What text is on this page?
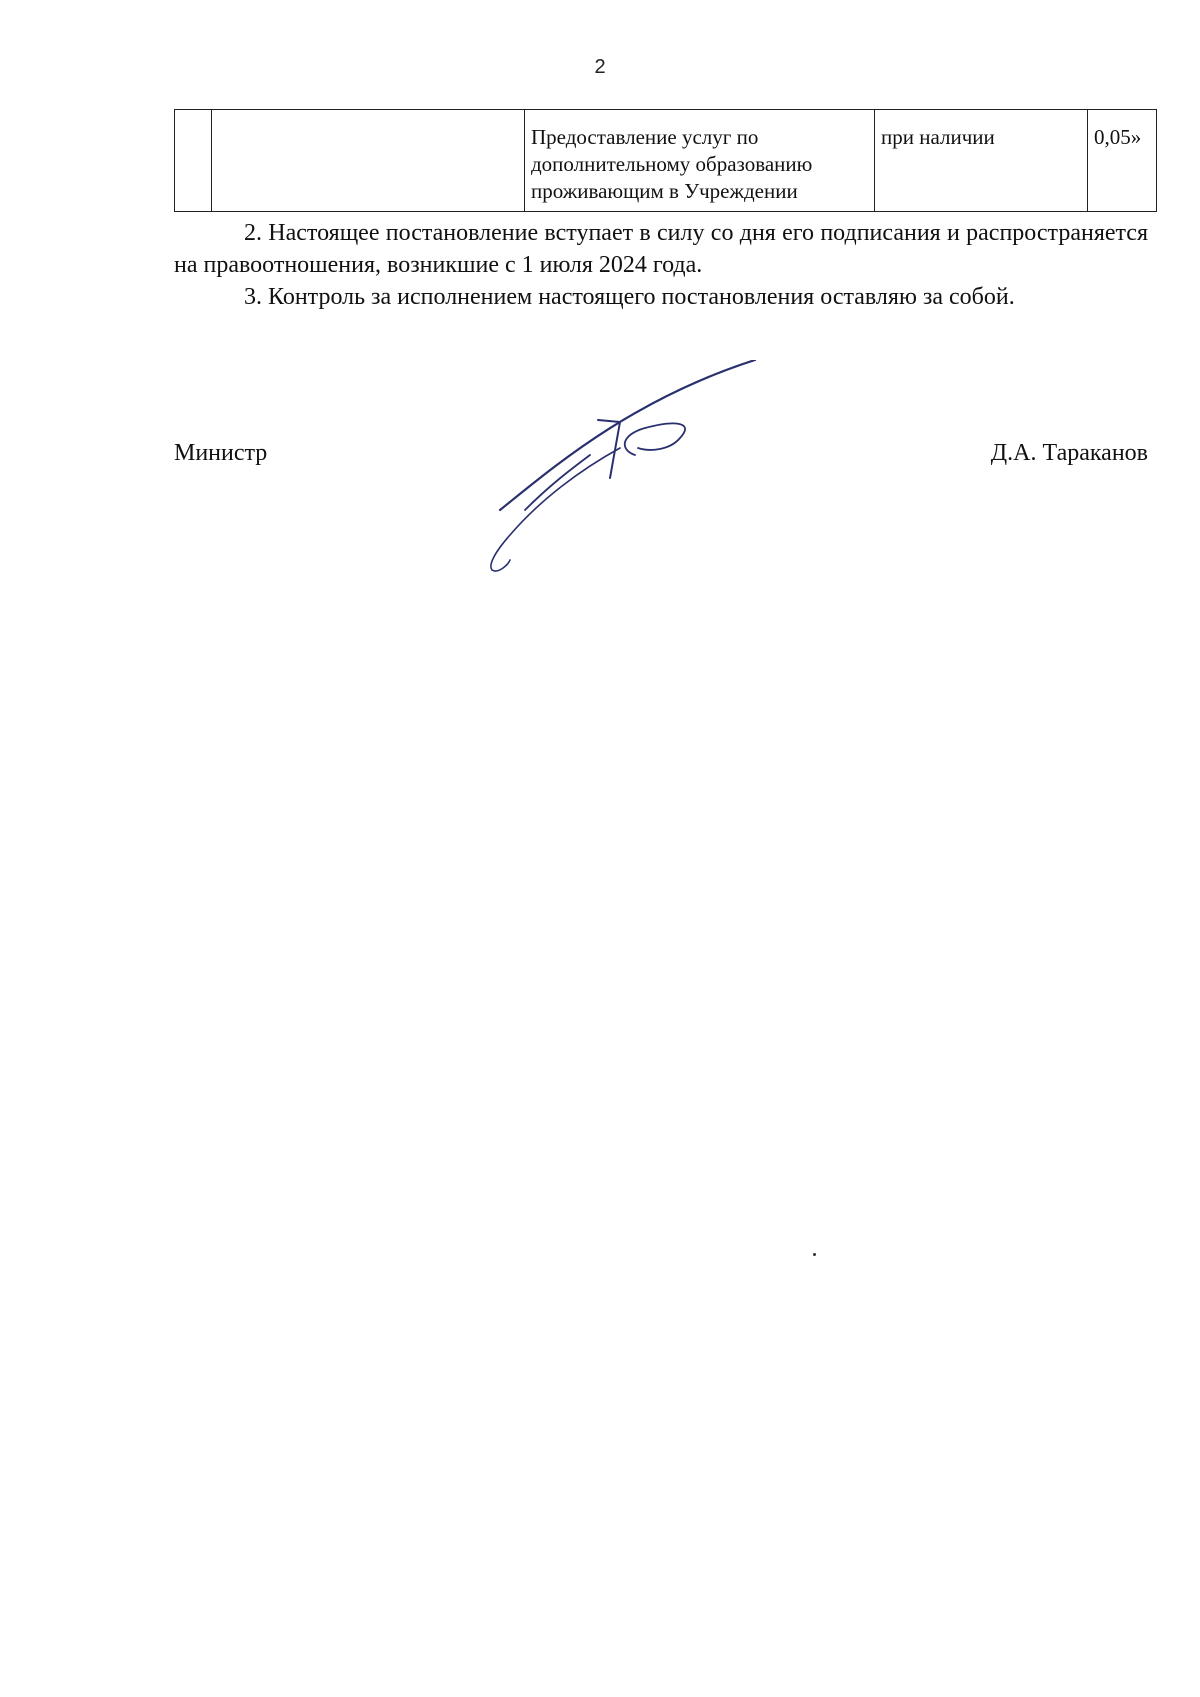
2
		Предоставление услуг по дополнительному образованию проживающим в Учреждении	при наличии	0,05»

2. Настоящее постановление вступает в силу со дня его подписания и распространяется на правоотношения, возникшие с 1 июля 2024 года.

3. Контроль за исполнением настоящего постановления оставляю за собой.

Министр	Д.А. Тараканов
